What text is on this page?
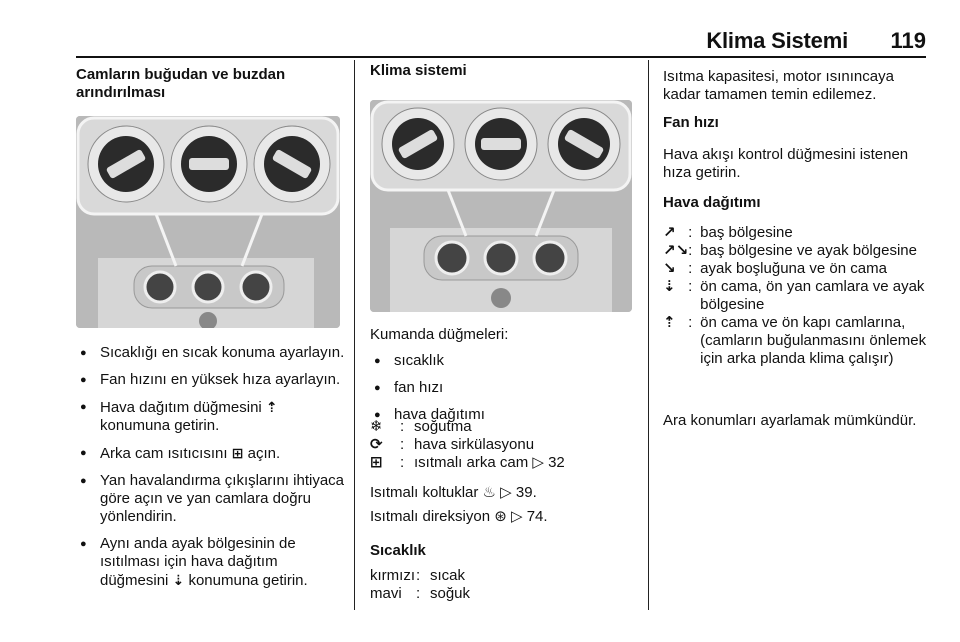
Klima Sistemi	119
Camların buğudan ve buzdan arındırılması
● Sıcaklığı en sıcak konuma ayarlayın.
● Fan hızını en yüksek hıza ayarlayın.
● Hava dağıtım düğmesini ⇡ konumuna getirin.
● Arka cam ısıtıcısını ⊞ açın.
● Yan havalandırma çıkışlarını ihtiyaca göre açın ve yan camlara doğru yönlendirin.
● Aynı anda ayak bölgesinin de ısıtılması için hava dağıtım düğmesini ⇣ konumuna getirin.
Klima sistemi
Kumanda düğmeleri:
● sıcaklık
● fan hızı
● hava dağıtımı
❄	:	soğutma
⟳	:	hava sirkülasyonu
⊞	:	ısıtmalı arka cam ▷ 32
Isıtmalı koltuklar ♨ ▷ 39.
Isıtmalı direksiyon ⊛ ▷ 74.
Sıcaklık
kırmızı	:	sıcak
mavi	:	soğuk
Isıtma kapasitesi, motor ısınıncaya kadar tamamen temin edilemez.
Fan hızı
Hava akışı kontrol düğmesini istenen hıza getirin.
Hava dağıtımı
↗	:	baş bölgesine
↗↘	:	baş bölgesine ve ayak bölgesine
↘	:	ayak boşluğuna ve ön cama
⇣	:	ön cama, ön yan camlara ve ayak bölgesine
⇡	:	ön cama ve ön kapı camlarına, (camların buğulanmasını önlemek için arka planda klima çalışır)
Ara konumları ayarlamak mümkündür.
